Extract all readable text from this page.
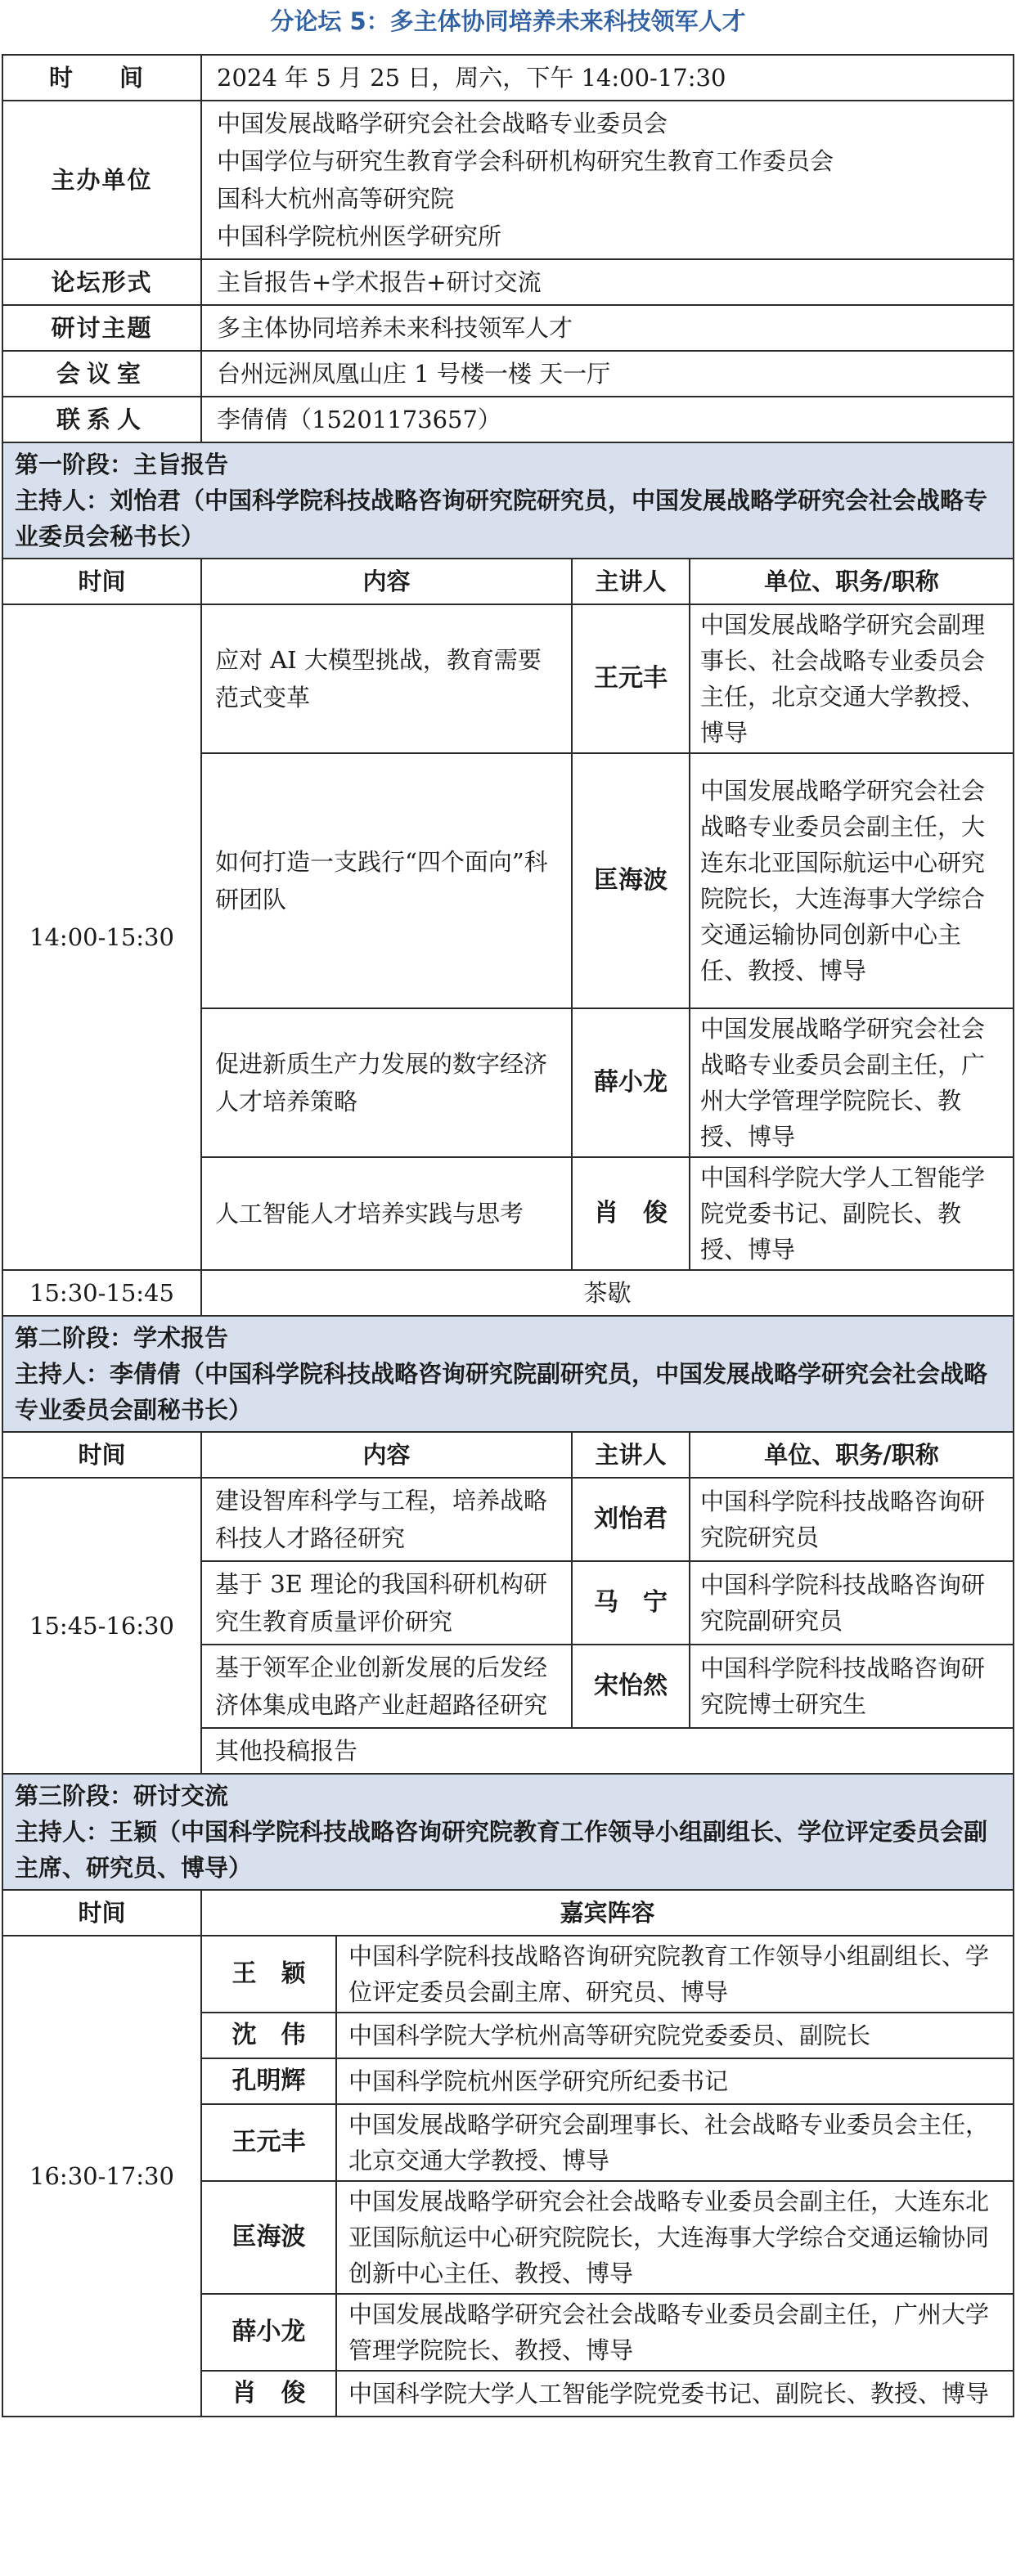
分论坛 5：多主体协同培养未来科技领军人才
时　间	2024 年 5 月 25 日，周六，下午 14:00-17:30		

主办单位	中国发展战略学研究会社会战略专业委员会
中国学位与研究生教育学会科研机构研究生教育工作委员会
国科大杭州高等研究院
中国科学院杭州医学研究所		

论坛形式	主旨报告+学术报告+研讨交流		

研讨主题	多主体协同培养未来科技领军人才		

会议室	台州远洲凤凰山庄 1 号楼一楼 天一厅		

联系人	李倩倩（15201173657）		

第一阶段：主旨报告
主持人：刘怡君（中国科学院科技战略咨询研究院研究员，中国发展战略学研究会社会战略专业委员会秘书长）			

时间	内容	主讲人	单位、职务/职称
14:00-15:30	应对 AI 大模型挑战，教育需要范式变革	王元丰	中国发展战略学研究会副理事长、社会战略专业委员会主任，北京交通大学教授、博导
	如何打造一支践行“四个面向”科研团队	匡海波	中国发展战略学研究会社会战略专业委员会副主任，大连东北亚国际航运中心研究院院长，大连海事大学综合交通运输协同创新中心主任、教授、博导
	促进新质生产力发展的数字经济人才培养策略	薛小龙	中国发展战略学研究会社会战略专业委员会副主任，广州大学管理学院院长、教授、博导
	人工智能人才培养实践与思考	肖　俊	中国科学院大学人工智能学院党委书记、副院长、教授、博导
15:30-15:45	茶歇		

第二阶段：学术报告
主持人：李倩倩（中国科学院科技战略咨询研究院副研究员，中国发展战略学研究会社会战略专业委员会副秘书长）			

时间	内容	主讲人	单位、职务/职称
15:45-16:30	建设智库科学与工程，培养战略科技人才路径研究	刘怡君	中国科学院科技战略咨询研究院研究员
	基于 3E 理论的我国科研机构研究生教育质量评价研究	马　宁	中国科学院科技战略咨询研究院副研究员
	基于领军企业创新发展的后发经济体集成电路产业赶超路径研究	宋怡然	中国科学院科技战略咨询研究院博士研究生
	其他投稿报告		
第三阶段：研讨交流
主持人：王颖（中国科学院科技战略咨询研究院教育工作领导小组副组长、学位评定委员会副主席、研究员、博导）		

时间	嘉宾阵容	
16:30-17:30	王　颖	中国科学院科技战略咨询研究院教育工作领导小组副组长、学位评定委员会副主席、研究员、博导
	沈　伟	中国科学院大学杭州高等研究院党委委员、副院长
	孔明辉	中国科学院杭州医学研究所纪委书记
	王元丰	中国发展战略学研究会副理事长、社会战略专业委员会主任，北京交通大学教授、博导
	匡海波	中国发展战略学研究会社会战略专业委员会副主任，大连东北亚国际航运中心研究院院长，大连海事大学综合交通运输协同创新中心主任、教授、博导
	薛小龙	中国发展战略学研究会社会战略专业委员会副主任，广州大学管理学院院长、教授、博导
	肖　俊	中国科学院大学人工智能学院党委书记、副院长、教授、博导
